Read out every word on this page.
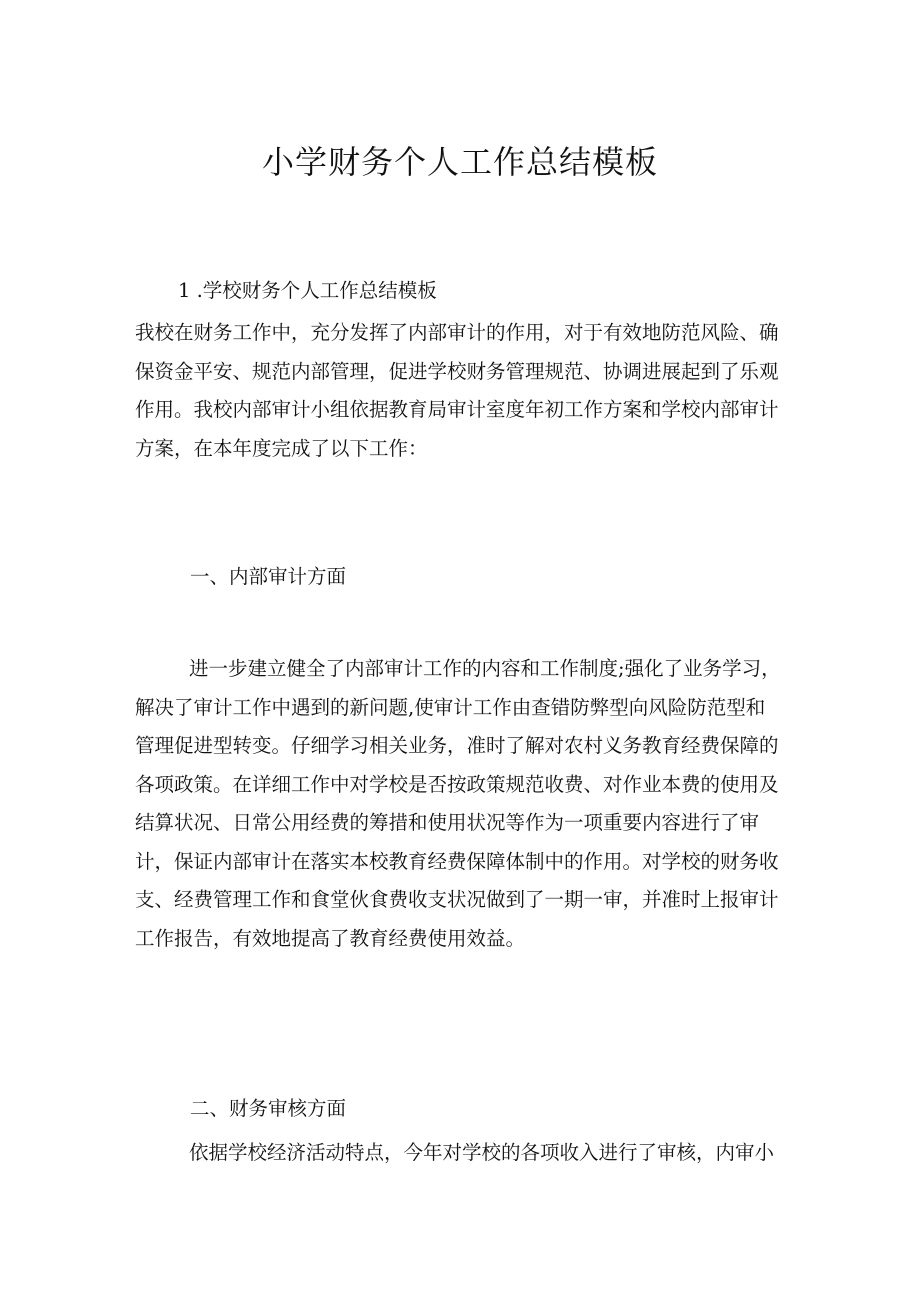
小学财务个人工作总结模板

1 .学校财务个人工作总结模板

我校在财务工作中，充分发挥了内部审计的作用，对于有效地防范风险、确
保资金平安、规范内部管理，促进学校财务管理规范、协调进展起到了乐观
作用。我校内部审计小组依据教育局审计室度年初工作方案和学校内部审计
方案，在本年度完成了以下工作：

一、内部审计方面

进一步建立健全了内部审计工作的内容和工作制度;强化了业务学习，
解决了审计工作中遇到的新问题,使审计工作由查错防弊型向风险防范型和
管理促进型转变。仔细学习相关业务，准时了解对农村义务教育经费保障的
各项政策。在详细工作中对学校是否按政策规范收费、对作业本费的使用及
结算状况、日常公用经费的筹措和使用状况等作为一项重要内容进行了审
计，保证内部审计在落实本校教育经费保障体制中的作用。对学校的财务收
支、经费管理工作和食堂伙食费收支状况做到了一期一审，并准时上报审计
工作报告，有效地提高了教育经费使用效益。

二、财务审核方面

依据学校经济活动特点，今年对学校的各项收入进行了审核，内审小
